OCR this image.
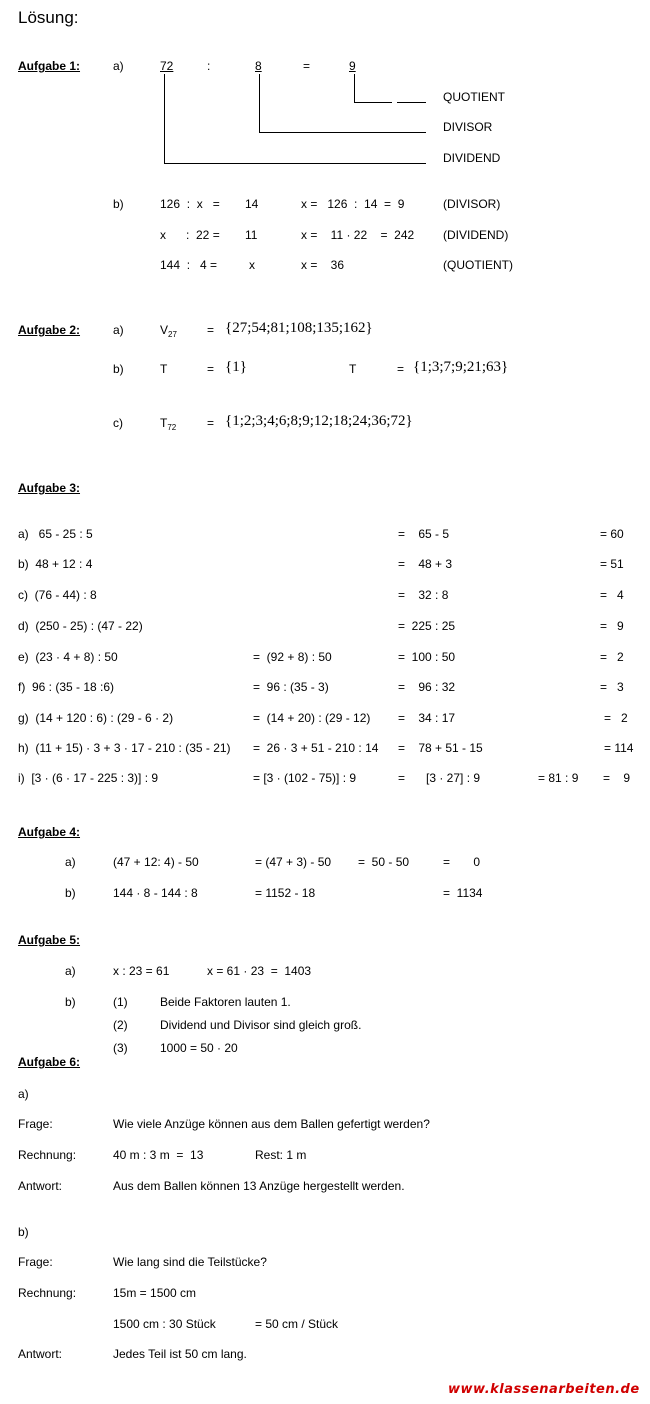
Lösung:
Aufgabe 1:	a)	72	:	8	=	9
QUOTIENT
DIVISOR
DIVIDEND
b)	126  :  x   = 14	x =   126  :  14  =  9	(DIVISOR)
x      :  22 = 11	x =    11 · 22    =  242 (DIVIDEND)
144  :   4 =	x	x =    36	(QUOTIENT)
Aufgabe 2:	a)	$V_{27}$	= {27;54;81;108;135;162}
b)	T	= {1}	T	= {1;3;7;9;21;63}
c)	$T_{72}$	= {1;2;3;4;6;8;9;12;18;24;36;72}
Aufgabe 3:
a)   65 - 25 : 5	=    65 - 5	= 60
b)  48 + 12 : 4	=    48 + 3	= 51
c)  (76 - 44) : 8	=    32 : 8	=   4
d)  (250 - 25) : (47 - 22)	=  225 : 25	=   9
e)  (23 · 4 + 8) : 50	=  (92 + 8) : 50	=  100 : 50	=   2
f)  96 : (35 - 18 :6)	=  96 : (35 - 3)	=    96 : 32	=   3
g)  (14 + 120 : 6) : (29 - 6 · 2)	=  (14 + 20) : (29 - 12) =    34 : 17	=   2
h)  (11 + 15) · 3 + 3 · 17 - 210 : (35 - 21) =  26 · 3 + 51 - 210 : 14 =    78 + 51 - 15	= 114
i)  [3 · (6 · 17 - 225 : 3)] : 9	= [3 · (102 - 75)] : 9	= [3 · 27] : 9	= 81 : 9 =    9
Aufgabe 4:
a)	(47 + 12: 4) - 50	= (47 + 3) - 50 =  50 - 50	=       0
b)	144 · 8 - 144 : 8	= 1152 - 18	=  1134
Aufgabe 5:
a)	x : 23 = 61	x = 61 · 23  =  1403
b)	(1)	Beide Faktoren lauten 1.
(2)	Dividend und Divisor sind gleich groß.
(3)	1000 = 50 · 20
Aufgabe 6:
a)
Frage:	Wie viele Anzüge können aus dem Ballen gefertigt werden?
Rechnung:	40 m : 3 m  =  13	Rest: 1 m
Antwort:	Aus dem Ballen können 13 Anzüge hergestellt werden.
b)
Frage:	Wie lang sind die Teilstücke?
Rechnung:	15m = 1500 cm
1500 cm : 30 Stück	= 50 cm / Stück
Antwort:	Jedes Teil ist 50 cm lang.
www.klassenarbeiten.de
